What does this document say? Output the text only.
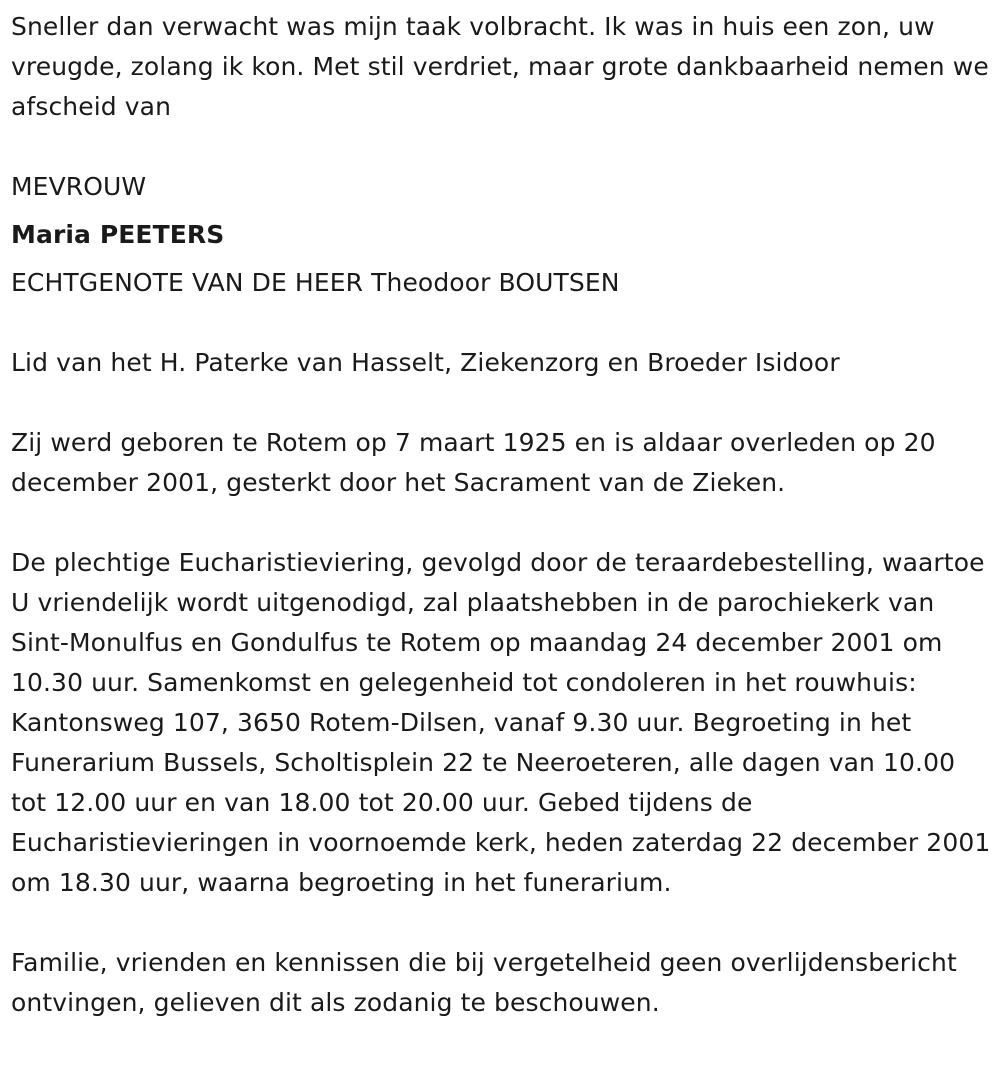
Sneller dan verwacht was mijn taak volbracht. Ik was in huis een zon, uw vreugde, zolang ik kon. Met stil verdriet, maar grote dankbaarheid nemen we afscheid van

MEVROUW

Maria PEETERS

ECHTGENOTE VAN DE HEER Theodoor BOUTSEN

Lid van het H. Paterke van Hasselt, Ziekenzorg en Broeder Isidoor

Zij werd geboren te Rotem op 7 maart 1925 en is aldaar overleden op 20 december 2001, gesterkt door het Sacrament van de Zieken.

De plechtige Eucharistieviering, gevolgd door de teraardebestelling, waartoe U vriendelijk wordt uitgenodigd, zal plaatshebben in de parochiekerk van Sint-Monulfus en Gondulfus te Rotem op maandag 24 december 2001 om 10.30 uur. Samenkomst en gelegenheid tot condoleren in het rouwhuis: Kantonsweg 107, 3650 Rotem-Dilsen, vanaf 9.30 uur. Begroeting in het Funerarium Bussels, Scholtisplein 22 te Neeroeteren, alle dagen van 10.00 tot 12.00 uur en van 18.00 tot 20.00 uur. Gebed tijdens de Eucharistievieringen in voornoemde kerk, heden zaterdag 22 december 2001 om 18.30 uur, waarna begroeting in het funerarium.

Familie, vrienden en kennissen die bij vergetelheid geen overlijdensbericht ontvingen, gelieven dit als zodanig te beschouwen.
